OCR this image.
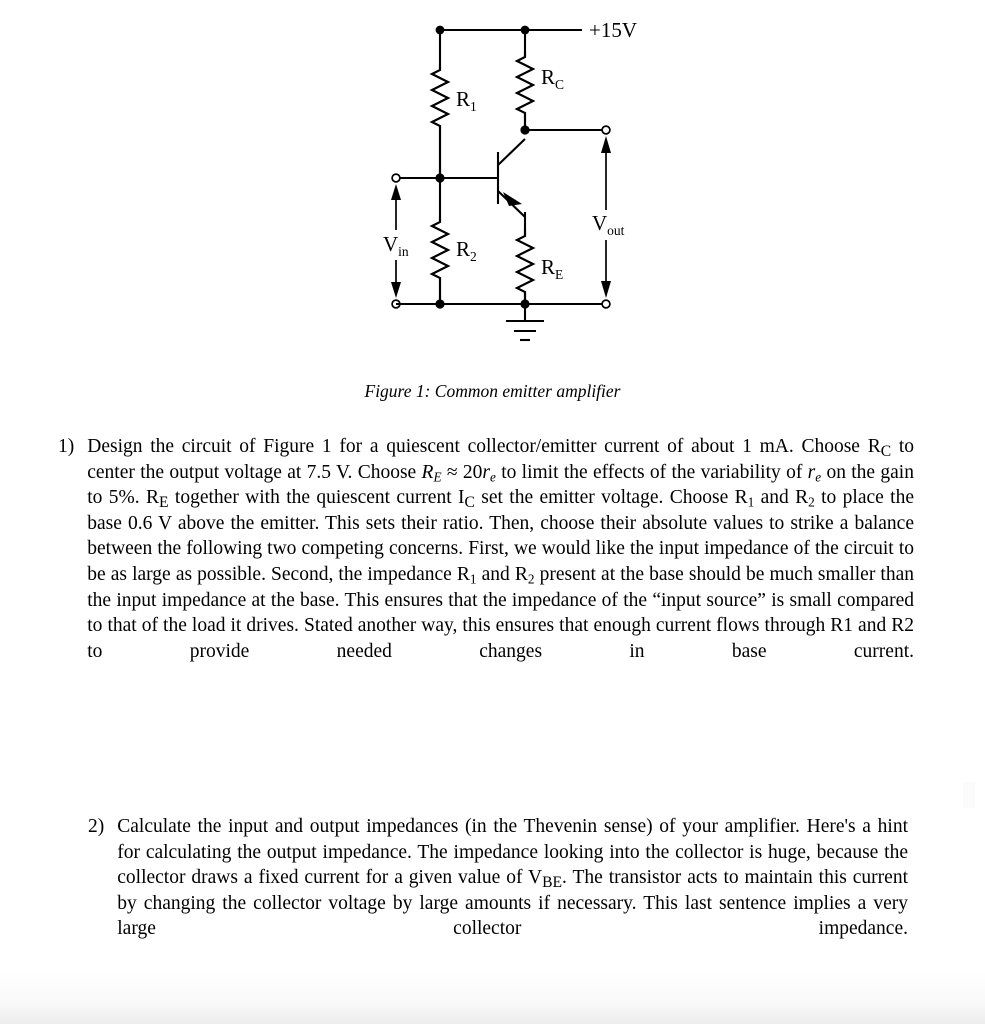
+15V
$R_1$
$R_C$
$V_{in}$ $R_2$	$R_E$
$V_{out}$
Figure 1: Common emitter amplifier
1) Design the circuit of Figure 1 for a quiescent collector/emitter current of about 1 mA. Choose $R_C$ to center the output voltage at 7.5 V. Choose $R_E \approx 20r_e$ to limit the effects of the variability of $r_e$ on the gain to 5%. $R_E$ together with the quiescent current $I_C$ set the emitter voltage. Choose $R_1$ and $R_2$ to place the base 0.6 V above the emitter. This sets their ratio. Then, choose their absolute values to strike a balance between the following two competing concerns. First, we would like the input impedance of the circuit to be as large as possible. Second, the impedance $R_1$ and $R_2$ present at the base should be much smaller than the input impedance at the base. This ensures that the impedance of the “input source” is small compared to that of the load it drives. Stated another way, this ensures that enough current flows through R1 and R2 to provide needed changes in base current.
2) Calculate the input and output impedances (in the Thevenin sense) of your amplifier. Here's a hint for calculating the output impedance. The impedance looking into the collector is huge, because the collector draws a fixed current for a given value of $V_{BE}$. The transistor acts to maintain this current by changing the collector voltage by large amounts if necessary. This last sentence implies a very large collector impedance.
